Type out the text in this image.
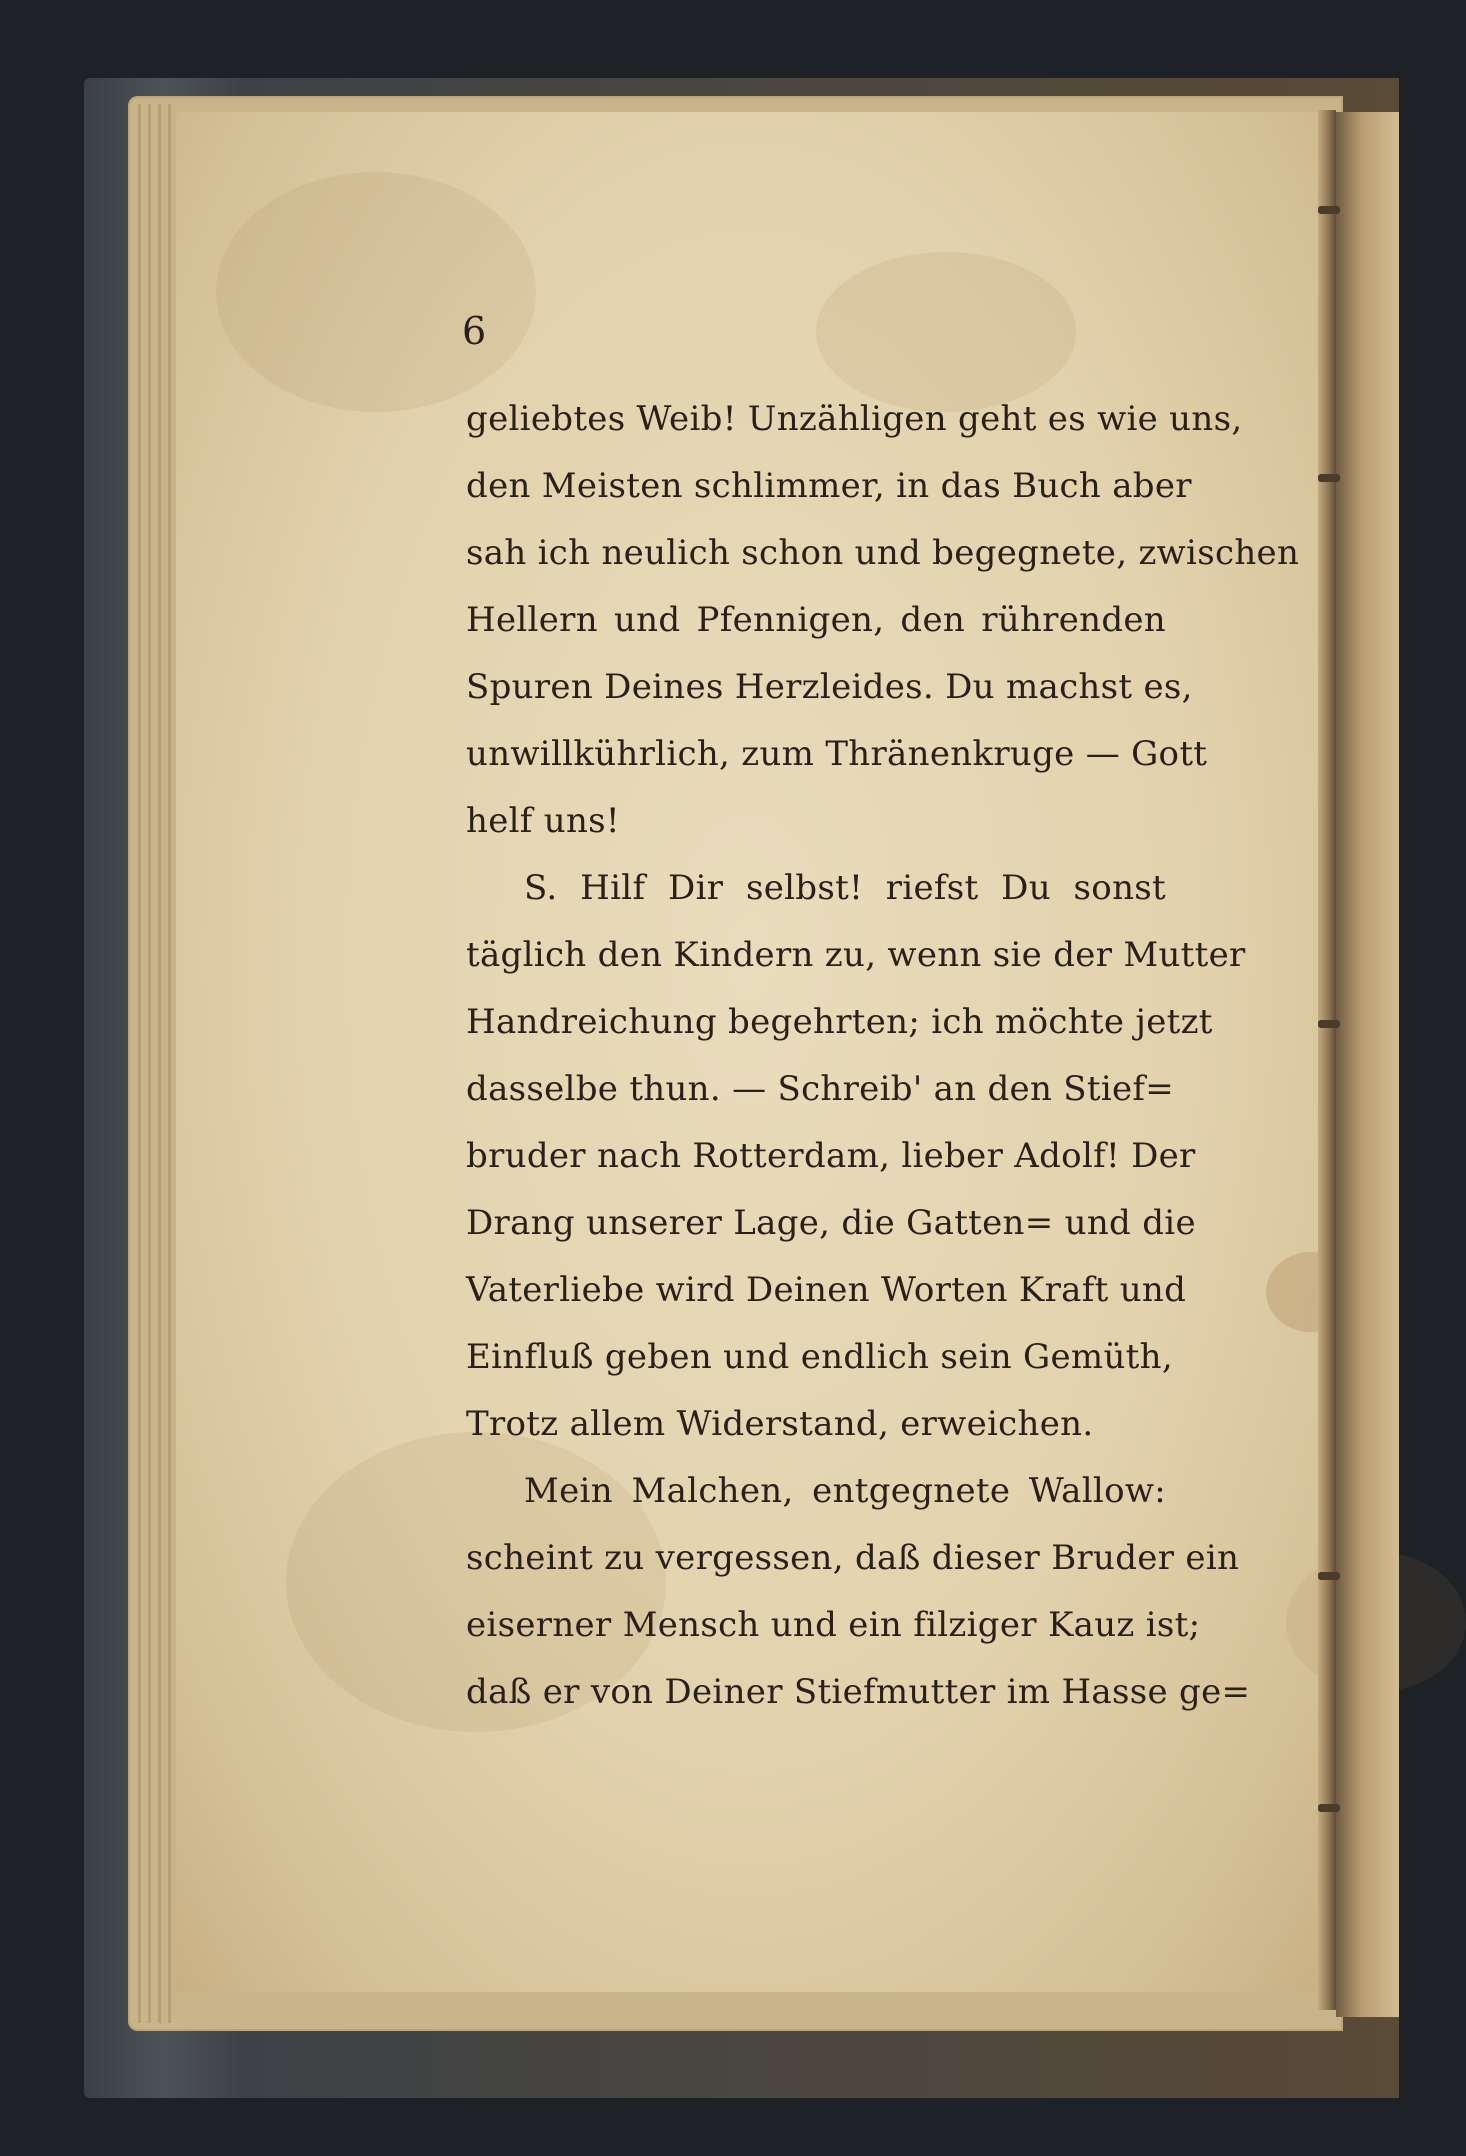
6
geliebtes Weib! Unzähligen geht es wie uns,
den Meisten schlimmer, in das Buch aber
sah ich neulich schon und begegnete, zwischen
Hellern und Pfennigen, den rührenden
Spuren Deines Herzleides. Du machst es,
unwillkührlich, zum Thränenkruge — Gott
helf uns!
S. Hilf Dir selbst! riefst Du sonst
täglich den Kindern zu, wenn sie der Mutter
Handreichung begehrten; ich möchte jetzt
dasselbe thun. — Schreib' an den Stief=
bruder nach Rotterdam, lieber Adolf! Der
Drang unserer Lage, die Gatten= und die
Vaterliebe wird Deinen Worten Kraft und
Einfluß geben und endlich sein Gemüth,
Trotz allem Widerstand, erweichen.
Mein Malchen, entgegnete Wallow:
scheint zu vergessen, daß dieser Bruder ein
eiserner Mensch und ein filziger Kauz ist;
daß er von Deiner Stiefmutter im Hasse ge=
